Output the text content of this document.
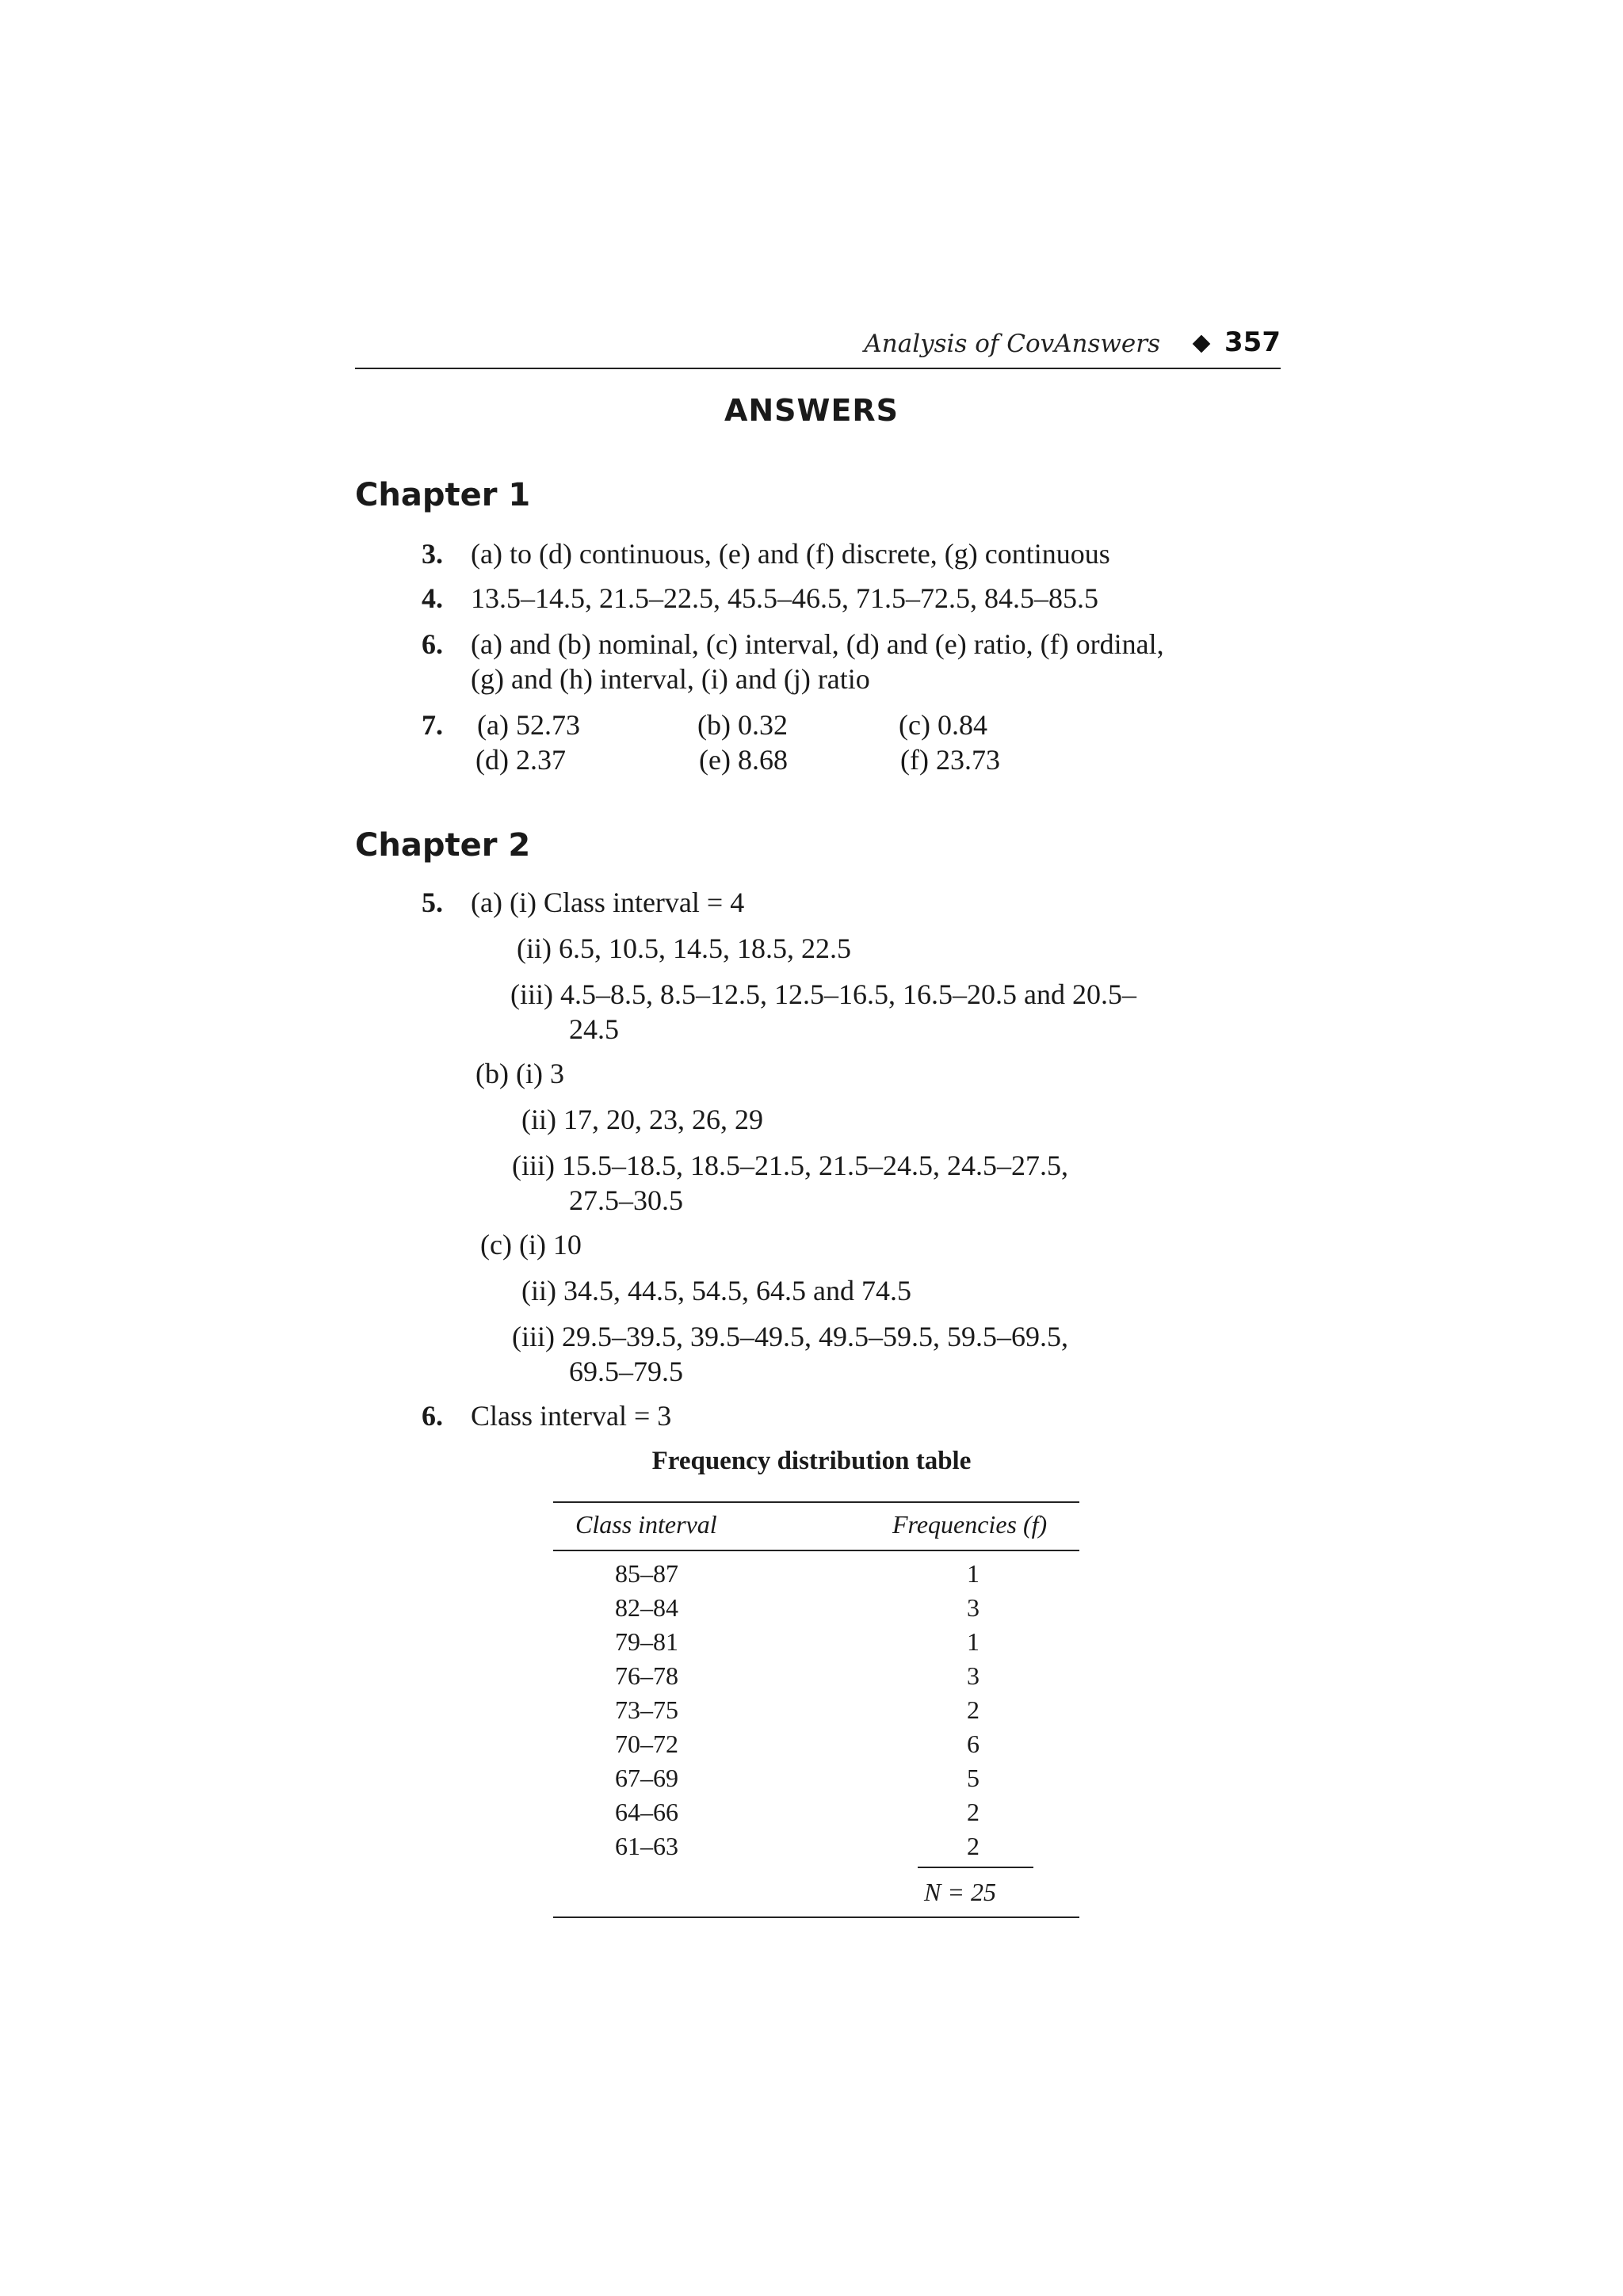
Analysis of CovAnswers 357
ANSWERS
Chapter 1
3. (a) to (d) continuous, (e) and (f) discrete, (g) continuous
4. 13.5–14.5, 21.5–22.5, 45.5–46.5, 71.5–72.5, 84.5–85.5
6. (a) and (b) nominal, (c) interval, (d) and (e) ratio, (f) ordinal,
(g) and (h) interval, (i) and (j) ratio
7. (a) 52.73	(b) 0.32	(c) 0.84
(d) 2.37	(e) 8.68	(f) 23.73
Chapter 2
5. (a) (i) Class interval = 4
(ii) 6.5, 10.5, 14.5, 18.5, 22.5
(iii) 4.5–8.5, 8.5–12.5, 12.5–16.5, 16.5–20.5 and 20.5–
24.5
(b) (i) 3
(ii) 17, 20, 23, 26, 29
(iii) 15.5–18.5, 18.5–21.5, 21.5–24.5, 24.5–27.5,
27.5–30.5
(c) (i) 10
(ii) 34.5, 44.5, 54.5, 64.5 and 74.5
(iii) 29.5–39.5, 39.5–49.5, 49.5–59.5, 59.5–69.5,
69.5–79.5
6. Class interval = 3
Frequency distribution table
Class interval	Frequencies (f)
85–87	1
82–84	3
79–81	1
76–78	3
73–75	2
70–72	6
67–69	5
64–66	2
61–63	2
N = 25
